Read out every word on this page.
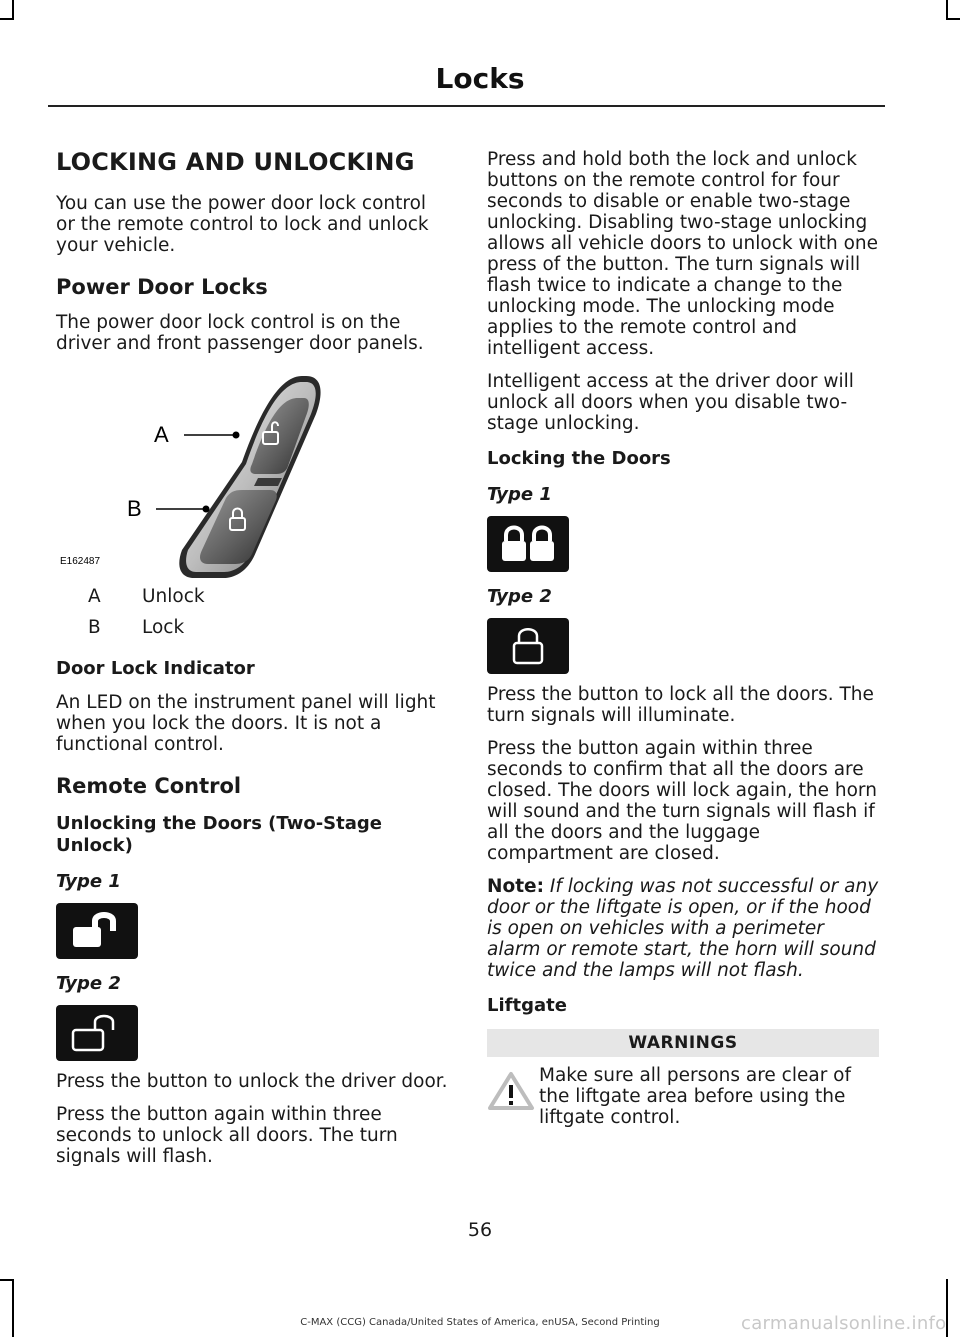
Locks
LOCKING AND UNLOCKING

You can use the power door lock control or the remote control to lock and unlock your vehicle.

Power Door Locks

The power door lock control is on the driver and front passenger door panels.

A
B
E162487
A	Unlock
B	Lock
Door Lock Indicator

An LED on the instrument panel will light when you lock the doors. It is not a functional control.

Remote Control
Unlocking the Doors (Two-Stage Unlock)
Type 1
Type 2

Press the button to unlock the driver door.

Press the button again within three seconds to unlock all doors. The turn signals will flash.

Press and hold both the lock and unlock buttons on the remote control for four seconds to disable or enable two-stage unlocking. Disabling two-stage unlocking allows all vehicle doors to unlock with one press of the button. The turn signals will flash twice to indicate a change to the unlocking mode. The unlocking mode applies to the remote control and intelligent access.

Intelligent access at the driver door will unlock all doors when you disable two-stage unlocking.

Locking the Doors
Type 1
Type 2

Press the button to lock all the doors. The turn signals will illuminate.

Press the button again within three seconds to confirm that all the doors are closed. The doors will lock again, the horn will sound and the turn signals will flash if all the doors and the luggage compartment are closed.

Note: If locking was not successful or any door or the liftgate is open, or if the hood is open on vehicles with a perimeter alarm or remote start, the horn will sound twice and the lamps will not flash.

Liftgate
WARNINGS
Make sure all persons are clear of the liftgate area before using the liftgate control.
56
C-MAX (CCG) Canada/United States of America, enUSA, Second Printing	carmanualsonline.info
